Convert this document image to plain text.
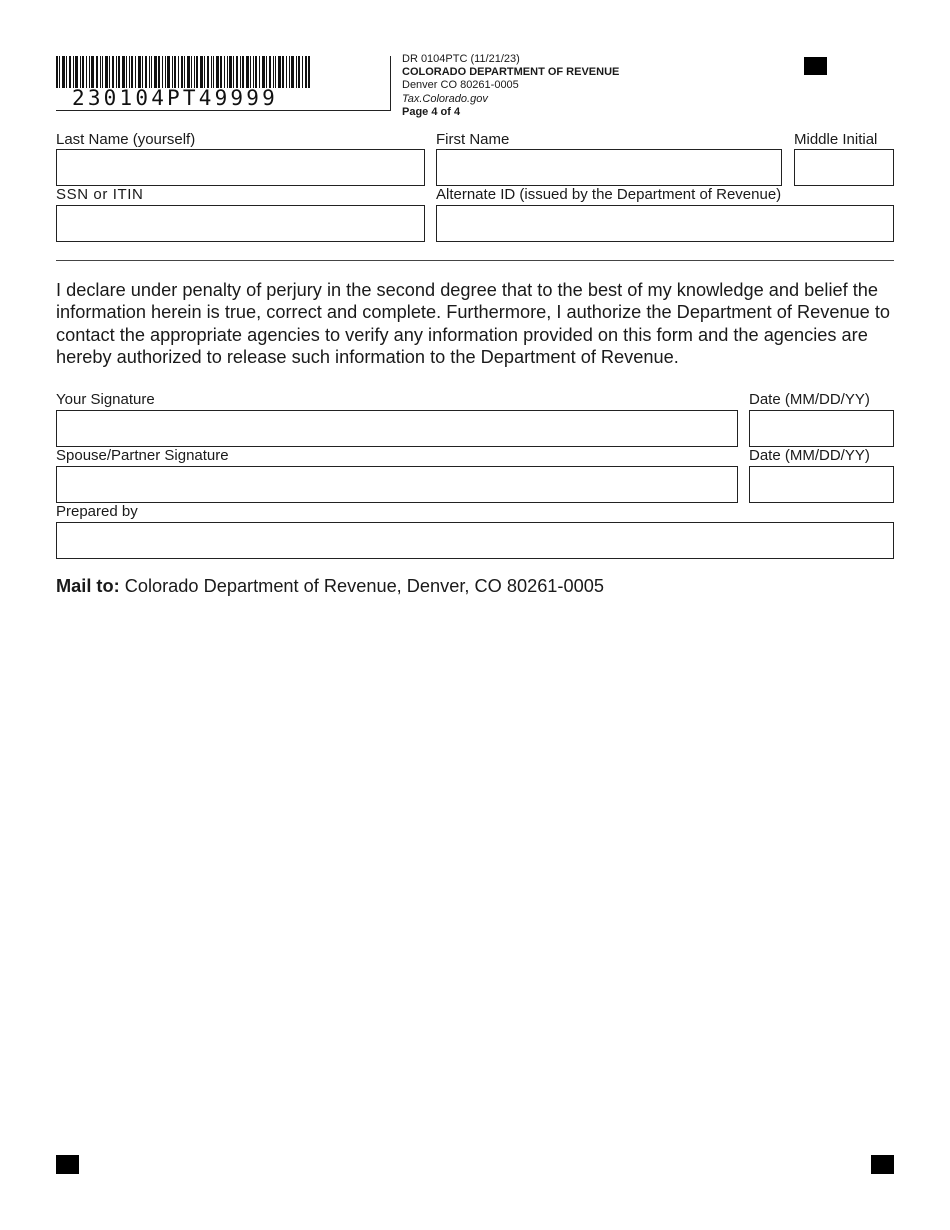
230104PT49999
DR 0104PTC (11/21/23)
COLORADO DEPARTMENT OF REVENUE
Denver CO 80261-0005
Tax.Colorado.gov
Page 4 of 4
Last Name (yourself)	First Name	Middle Initial
SSN or ITIN	Alternate ID (issued by the Department of Revenue)
I declare under penalty of perjury in the second degree that to the best of my knowledge and belief the information herein is true, correct and complete. Furthermore, I authorize the Department of Revenue to contact the appropriate agencies to verify any information provided on this form and the agencies are hereby authorized to release such information to the Department of Revenue.
Your Signature	Date (MM/DD/YY)
Spouse/Partner Signature	Date (MM/DD/YY)
Prepared by
Mail to: Colorado Department of Revenue, Denver, CO 80261-0005
